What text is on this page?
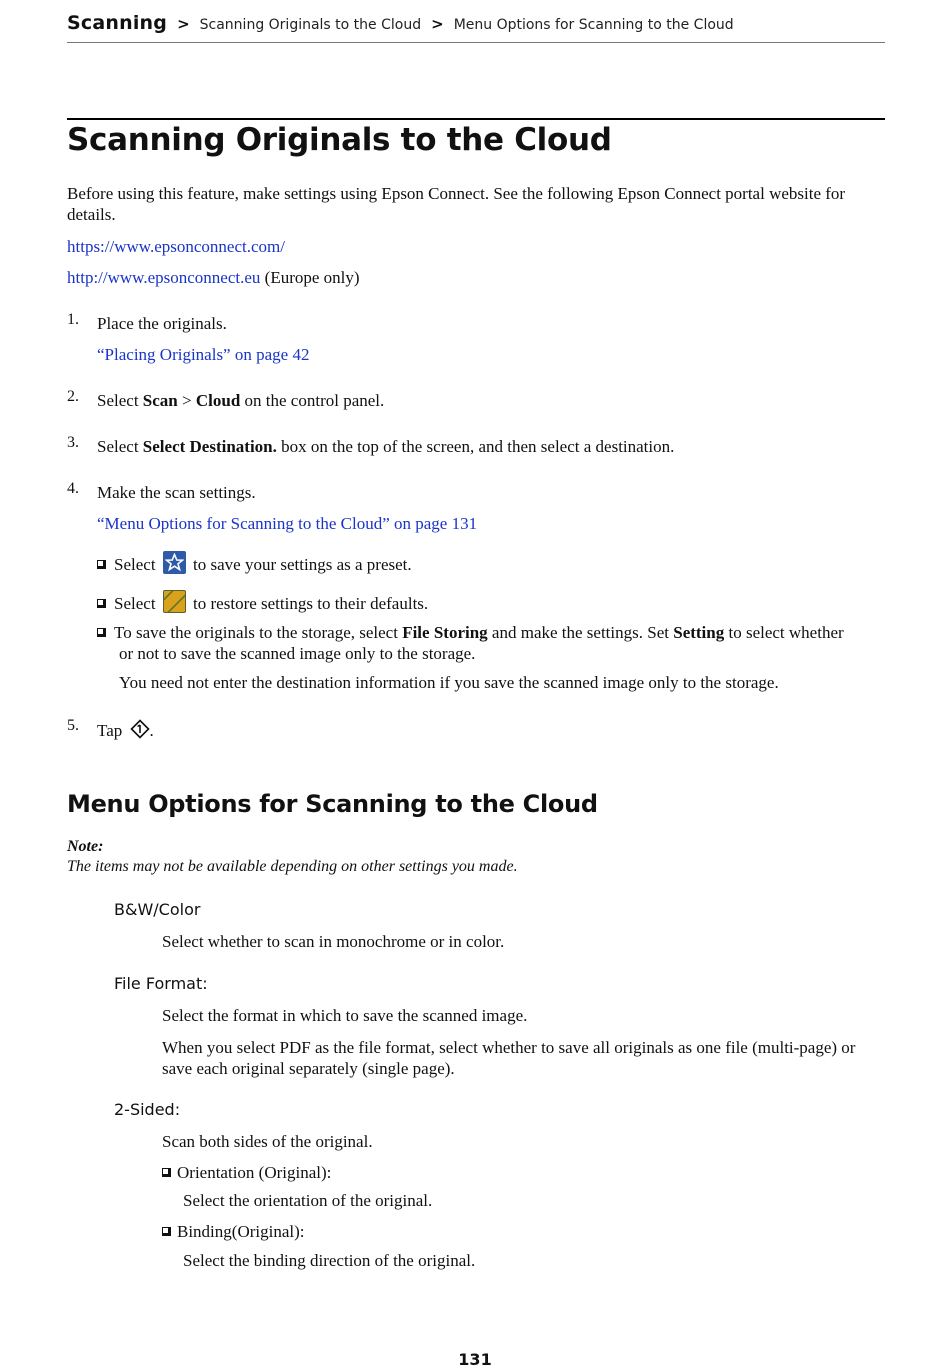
Scanning > Scanning Originals to the Cloud > Menu Options for Scanning to the Cloud
Scanning Originals to the Cloud

Before using this feature, make settings using Epson Connect. See the following Epson Connect portal website for details.

https://www.epsonconnect.com/
http://www.epsonconnect.eu (Europe only)
1. Place the originals.
“Placing Originals” on page 42
2. Select Scan > Cloud on the control panel.
3. Select Select Destination. box on the top of the screen, and then select a destination.
4. Make the scan settings.
“Menu Options for Scanning to the Cloud” on page 131
Select to save your settings as a preset.
Select to restore settings to their defaults.
To save the originals to the storage, select File Storing and make the settings. Set Setting to select whether
or not to save the scanned image only to the storage.
You need not enter the destination information if you save the scanned image only to the storage.
5. Tap .
Menu Options for Scanning to the Cloud
Note:
The items may not be available depending on other settings you made.
B&W/Color
Select whether to scan in monochrome or in color.
File Format:
Select the format in which to save the scanned image.
When you select PDF as the file format, select whether to save all originals as one file (multi-page) or
save each original separately (single page).
2-Sided:
Scan both sides of the original.
Orientation (Original):
Select the orientation of the original.
Binding(Original):
Select the binding direction of the original.
131
